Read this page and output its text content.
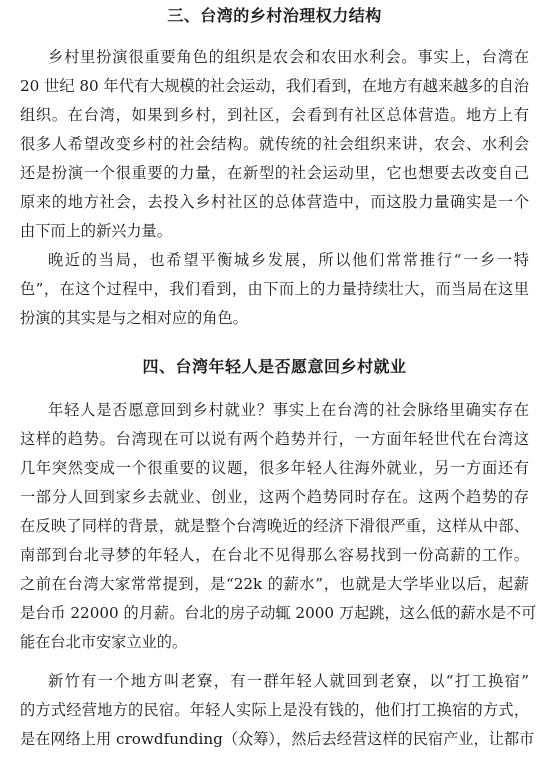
三、台湾的乡村治理权力结构
乡村里扮演很重要角色的组织是农会和农田水利会。事实上，台湾在
20 世纪 80 年代有大规模的社会运动，我们看到，在地方有越来越多的自治
组织。在台湾，如果到乡村，到社区，会看到有社区总体营造。地方上有
很多人希望改变乡村的社会结构。就传统的社会组织来讲，农会、水利会
还是扮演一个很重要的力量，在新型的社会运动里，它也想要去改变自己
原来的地方社会，去投入乡村社区的总体营造中，而这股力量确实是一个
由下而上的新兴力量。
晚近的当局，也希望平衡城乡发展，所以他们常常推行“一乡一特
色”，在这个过程中，我们看到，由下而上的力量持续壮大，而当局在这里
扮演的其实是与之相对应的角色。
四、台湾年轻人是否愿意回乡村就业
年轻人是否愿意回到乡村就业？事实上在台湾的社会脉络里确实存在
这样的趋势。台湾现在可以说有两个趋势并行，一方面年轻世代在台湾这
几年突然变成一个很重要的议题，很多年轻人往海外就业，另一方面还有
一部分人回到家乡去就业、创业，这两个趋势同时存在。这两个趋势的存
在反映了同样的背景，就是整个台湾晚近的经济下滑很严重，这样从中部、
南部到台北寻梦的年轻人，在台北不见得那么容易找到一份高薪的工作。
之前在台湾大家常常提到，是“22k 的薪水”，也就是大学毕业以后，起薪
是台币 22000 的月薪。台北的房子动辄 2000 万起跳，这么低的薪水是不可
能在台北市安家立业的。
新竹有一个地方叫老寮，有一群年轻人就回到老寮，以“打工换宿”
的方式经营地方的民宿。年轻人实际上是没有钱的，他们打工换宿的方式，
是在网络上用 crowdfunding（众筹），然后去经营这样的民宿产业，让都市
